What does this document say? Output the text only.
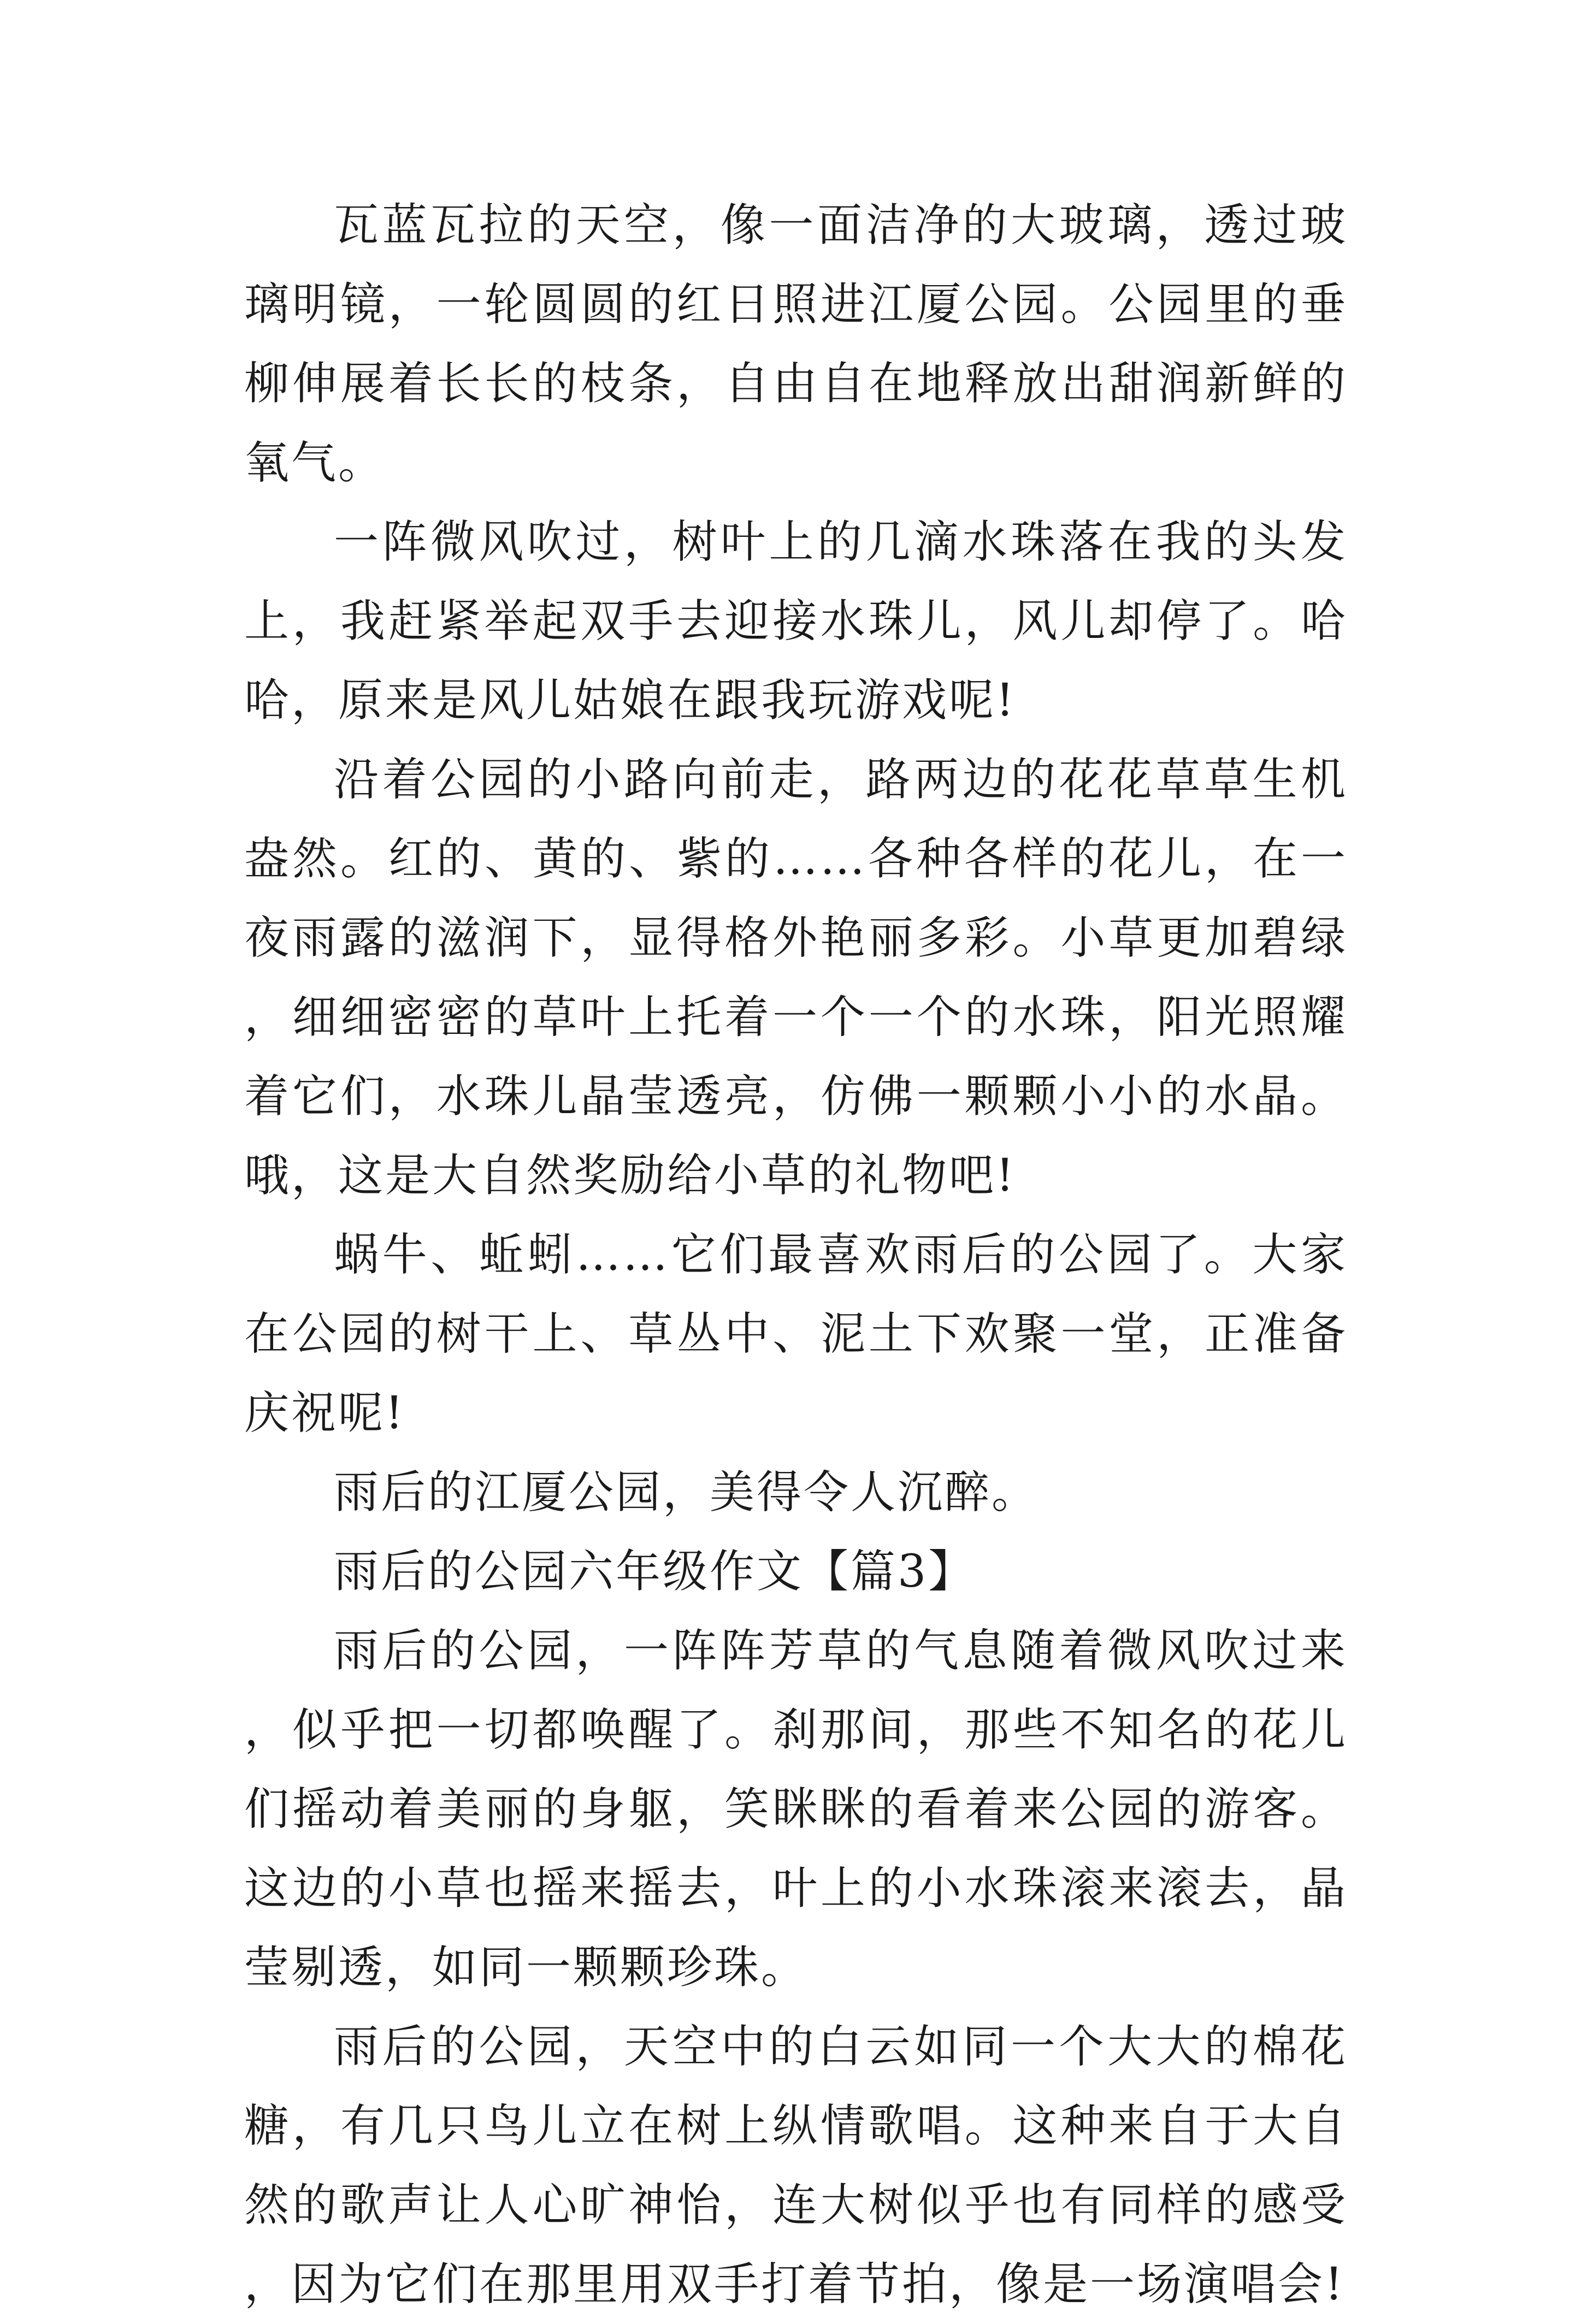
瓦蓝瓦拉的天空，像一面洁净的大玻璃，透过玻璃明镜，一轮圆圆的红日照进江厦公园。公园里的垂柳伸展着长长的枝条，自由自在地释放出甜润新鲜的氧气。

一阵微风吹过，树叶上的几滴水珠落在我的头发上，我赶紧举起双手去迎接水珠儿，风儿却停了。哈哈，原来是风儿姑娘在跟我玩游戏呢!

沿着公园的小路向前走，路两边的花花草草生机盎然。红的、黄的、紫的……各种各样的花儿，在一夜雨露的滋润下，显得格外艳丽多彩。小草更加碧绿，细细密密的草叶上托着一个一个的水珠，阳光照耀着它们，水珠儿晶莹透亮，仿佛一颗颗小小的水晶。哦，这是大自然奖励给小草的礼物吧!

蜗牛、蚯蚓……它们最喜欢雨后的公园了。大家在公园的树干上、草丛中、泥土下欢聚一堂，正准备庆祝呢!

雨后的江厦公园，美得令人沉醉。

雨后的公园六年级作文【篇3】

雨后的公园，一阵阵芳草的气息随着微风吹过来，似乎把一切都唤醒了。刹那间，那些不知名的花儿们摇动着美丽的身躯，笑眯眯的看着来公园的游客。这边的小草也摇来摇去，叶上的小水珠滚来滚去，晶莹剔透，如同一颗颗珍珠。

雨后的公园，天空中的白云如同一个大大的棉花糖，有几只鸟儿立在树上纵情歌唱。这种来自于大自然的歌声让人心旷神怡，连大树似乎也有同样的感受，因为它们在那里用双手打着节拍，像是一场演唱会!
